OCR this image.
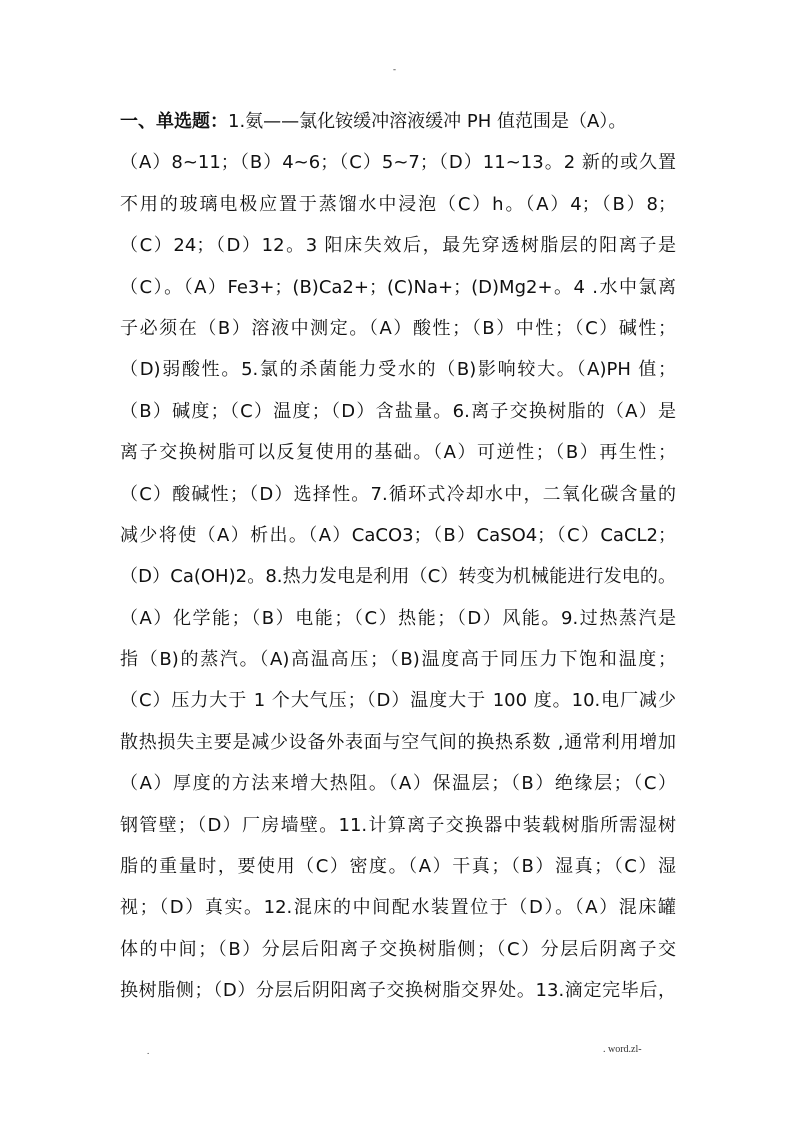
-
一、单选题：1.氨——氯化铵缓冲溶液缓冲 PH 值范围是（A）。
（A）8~11；（B）4~6；（C）5~7；（D）11~13。2 新的或久置
不用的玻璃电极应置于蒸馏水中浸泡（C）h。（A）4；（B）8；
（C）24；（D）12。3 阳床失效后，最先穿透树脂层的阳离子是
（C）。（A）Fe3+；(B)Ca2+；(C)Na+；(D)Mg2+。4 .水中氯离
子必须在（B）溶液中测定。（A）酸性；（B）中性；（C）碱性；
（D)弱酸性。5.氯的杀菌能力受水的（B)影响较大。（A)PH 值；
（B）碱度；（C）温度；（D）含盐量。6.离子交换树脂的（A）是
离子交换树脂可以反复使用的基础。（A）可逆性；（B）再生性；
（C）酸碱性；（D）选择性。7.循环式冷却水中，二氧化碳含量的
减少将使（A）析出。（A）CaCO3；（B）CaSO4；（C）CaCL2；
（D）Ca(OH)2。8.热力发电是利用（C）转变为机械能进行发电的。
（A）化学能；（B）电能；（C）热能；（D）风能。9.过热蒸汽是
指（B)的蒸汽。（A)高温高压；（B)温度高于同压力下饱和温度；
（C）压力大于 1 个大气压；（D）温度大于 100 度。10.电厂减少
散热损失主要是减少设备外表面与空气间的换热系数 ,通常利用增加
（A）厚度的方法来增大热阻。（A）保温层；（B）绝缘层；（C）
钢管壁；（D）厂房墙壁。11.计算离子交换器中装载树脂所需湿树
脂的重量时，要使用（C）密度。（A）干真；（B）湿真；（C）湿
视；（D）真实。12.混床的中间配水装置位于（D）。（A）混床罐
体的中间；（B）分层后阳离子交换树脂侧；（C）分层后阴离子交
换树脂侧；（D）分层后阴阳离子交换树脂交界处。13.滴定完毕后，
.	. word.zl-
